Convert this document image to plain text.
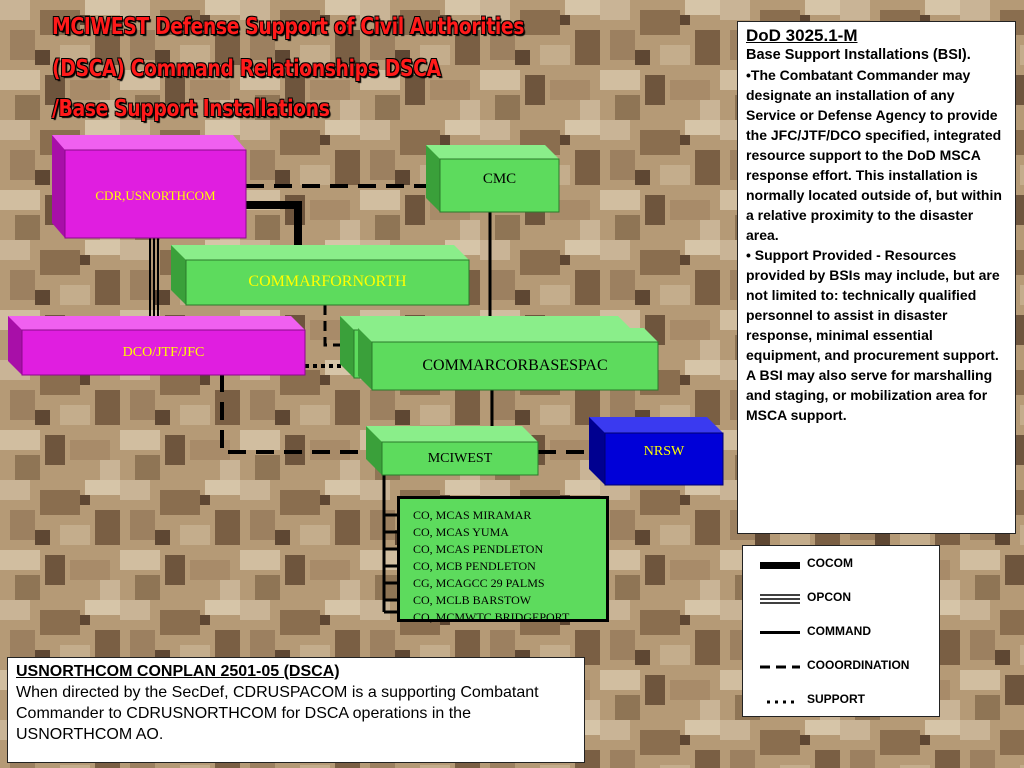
MCIWEST Defense Support of Civil Authorities
(DSCA) Command Relationships DSCA
/Base Support Installations
CDR,USNORTHCOM
CMC
COMMARFORNORTH
DCO/JTF/JFC
COMMARCORBASESPAC
MCIWEST	NRSW

CO, MCAS MIRAMAR

CO, MCAS YUMA

CO, MCAS PENDLETON

CO, MCB PENDLETON

CG, MCAGCC 29 PALMS

CO, MCLB BARSTOW

CO, MCMWTC BRIDGEPORT

DoD 3025.1-M

Base Support Installations (BSI).

•The Combatant Commander may designate an installation of any Service or Defense Agency to provide the JFC/JTF/DCO specified, integrated resource support to the DoD MSCA response effort. This installation is normally located outside of, but within a relative proximity to the disaster area.

• Support Provided - Resources provided by BSIs may include, but are not limited to: technically qualified personnel to assist in disaster response, minimal essential equipment, and procurement support. A BSI may also serve for marshalling and staging, or mobilization area for MSCA support.

COCOM
OPCON
COMMAND
COOORDINATION
SUPPORT
USNORTHCOM CONPLAN 2501-05 (DSCA)

When directed by the SecDef, CDRUSPACOM is a supporting Combatant Commander to CDRUSNORTHCOM for DSCA operations in the USNORTHCOM AO.
